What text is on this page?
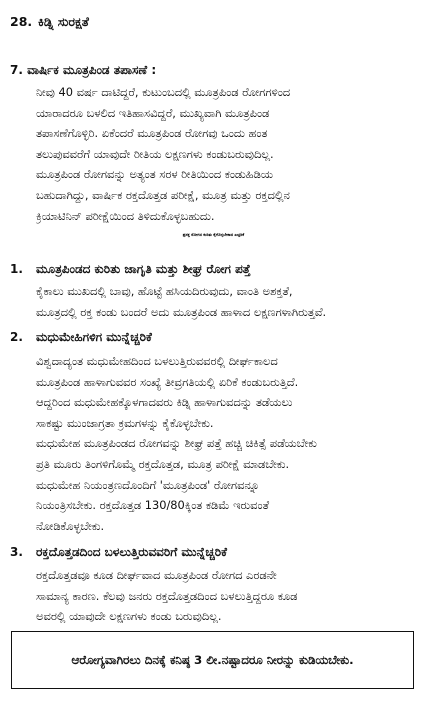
28. ಕಿಡ್ನಿ ಸುರಕ್ಷತೆ
7. ವಾರ್ಷಿಕ ಮೂತ್ರಪಿಂಡ ತಪಾಸಣೆ :

ನೀವು 40 ವರ್ಷ ದಾಟಿದ್ದರೆ, ಕುಟುಂಬದಲ್ಲಿ ಮೂತ್ರಪಿಂಡ ರೋಗಗಳಿಂದ
ಯಾರಾದರೂ ಬಳಲಿದ ಇತಿಹಾಸವಿದ್ದರೆ, ಮುಖ್ಯವಾಗಿ ಮೂತ್ರಪಿಂಡ
ತಪಾಸಣೆಗೊಳ್ಳಿರಿ. ಏಕೆಂದರೆ ಮೂತ್ರಪಿಂಡ ರೋಗವು ಒಂದು ಹಂತ
ತಲುಪುವವರೆಗೆ ಯಾವುದೇ ರೀತಿಯ ಲಕ್ಷಣಗಳು ಕಂಡುಬರುವುದಿಲ್ಲ.
ಮೂತ್ರಪಿಂಡ ರೋಗವನ್ನು ಅತ್ಯಂತ ಸರಳ ರೀತಿಯಿಂದ ಕಂಡುಹಿಡಿಯ
ಬಹುದಾಗಿದ್ದು, ವಾರ್ಷಿಕ ರಕ್ತದೊತ್ತಡ ಪರೀಕ್ಷೆ, ಮೂತ್ರ ಮತ್ತು ರಕ್ತದಲ್ಲಿನ
ಕ್ರಿಯಾಟಿನಿನ್ ಪರೀಕ್ಷೆಯಿಂದ ತಿಳಿದುಕೊಳ್ಳಬಹುದು.

ಪ್ರಸಕ್ತ ರೋಗದ ಕುರಿತು ಕೈಗೊಳ್ಳಬೇಕಾದ ಎಚ್ಚರಿಕೆ
1. ಮೂತ್ರಪಿಂಡದ ಕುರಿತು ಜಾಗೃತಿ ಮತ್ತು ಶೀಘ್ರ ರೋಗ ಪತ್ತೆ

ಕೈಕಾಲು ಮುಖದಲ್ಲಿ ಬಾವು, ಹೊಟ್ಟೆ ಹಸಿಯದಿರುವುದು, ವಾಂತಿ ಅಶಕ್ತತೆ,
ಮೂತ್ರದಲ್ಲಿ ರಕ್ತ ಕಂಡು ಬಂದರೆ ಅದು ಮೂತ್ರಪಿಂಡ ಹಾಳಾದ ಲಕ್ಷಣಗಳಾಗಿರುತ್ತವೆ.

2. ಮಧುಮೇಹಿಗಳಿಗ ಮುನ್ನೆಚ್ಚರಿಕೆ

ವಿಶ್ವದಾದ್ಯಂತ ಮಧುಮೇಹದಿಂದ ಬಳಲುತ್ತಿರುವವರಲ್ಲಿ ದೀರ್ಘಕಾಲದ
ಮೂತ್ರಪಿಂಡ ಹಾಳಾಗುವವರ ಸಂಖ್ಯೆ ತೀವ್ರಗತಿಯಲ್ಲಿ ಏರಿಕೆ ಕಂಡುಬರುತ್ತಿದೆ.
ಆದ್ದರಿಂದ ಮಧುಮೇಹಕ್ಕೊಳಗಾದವರು ಕಿಡ್ನಿ ಹಾಳಾಗುವದನ್ನು ತಡೆಯಲು
ಸಾಕಷ್ಟು ಮುಂಜಾಗ್ರತಾ ಕ್ರಮಗಳನ್ನು ಕೈಕೊಳ್ಳಬೇಕು.
ಮಧುಮೇಹ ಮೂತ್ರಪಿಂಡದ ರೋಗವನ್ನು ಶೀಘ್ರ ಪತ್ತೆ ಹಚ್ಚಿ ಚಿಕಿತ್ಸೆ ಪಡೆಯಬೇಕು
ಪ್ರತಿ ಮೂರು ತಿಂಗಳಿಗೊಮ್ಮೆ ರಕ್ತದೊತ್ತಡ, ಮೂತ್ರ ಪರೀಕ್ಷೆ ಮಾಡಬೇಕು.
ಮಧುಮೇಹ ನಿಯಂತ್ರಣದೊಂದಿಗೆ 'ಮೂತ್ರಪಿಂಡ' ರೋಗವನ್ನೂ
ನಿಯಂತ್ರಿಸಬೇಕು. ರಕ್ತದೊತ್ತಡ 130/80ಕ್ಕಿಂತ ಕಡಿಮೆ ಇರುವಂತೆ
ನೋಡಿಕೊಳ್ಳಬೇಕು.

3. ರಕ್ತದೊತ್ತಡದಿಂದ ಬಳಲುತ್ತಿರುವವರಿಗೆ ಮುನ್ನೆಚ್ಚರಿಕೆ

ರಕ್ತದೊತ್ತಡವೂ ಕೂಡ ದೀರ್ಘವಾದ ಮೂತ್ರಪಿಂಡ ರೋಗದ ಎರಡನೇ
ಸಾಮಾನ್ಯ ಕಾರಣ. ಕೆಲವು ಜನರು ರಕ್ತದೊತ್ತಡದಿಂದ ಬಳಲುತ್ತಿದ್ದರೂ ಕೂಡ
ಅವರಲ್ಲಿ ಯಾವುದೇ ಲಕ್ಷಣಗಳು ಕಂಡು ಬರುವುದಿಲ್ಲ.

ಆರೋಗ್ಯವಾಗಿರಲು ದಿನಕ್ಕೆ ಕನಿಷ್ಠ 3 ಲೀ.ನಷ್ಟಾದರೂ ನೀರನ್ನು ಕುಡಿಯಬೇಕು.
